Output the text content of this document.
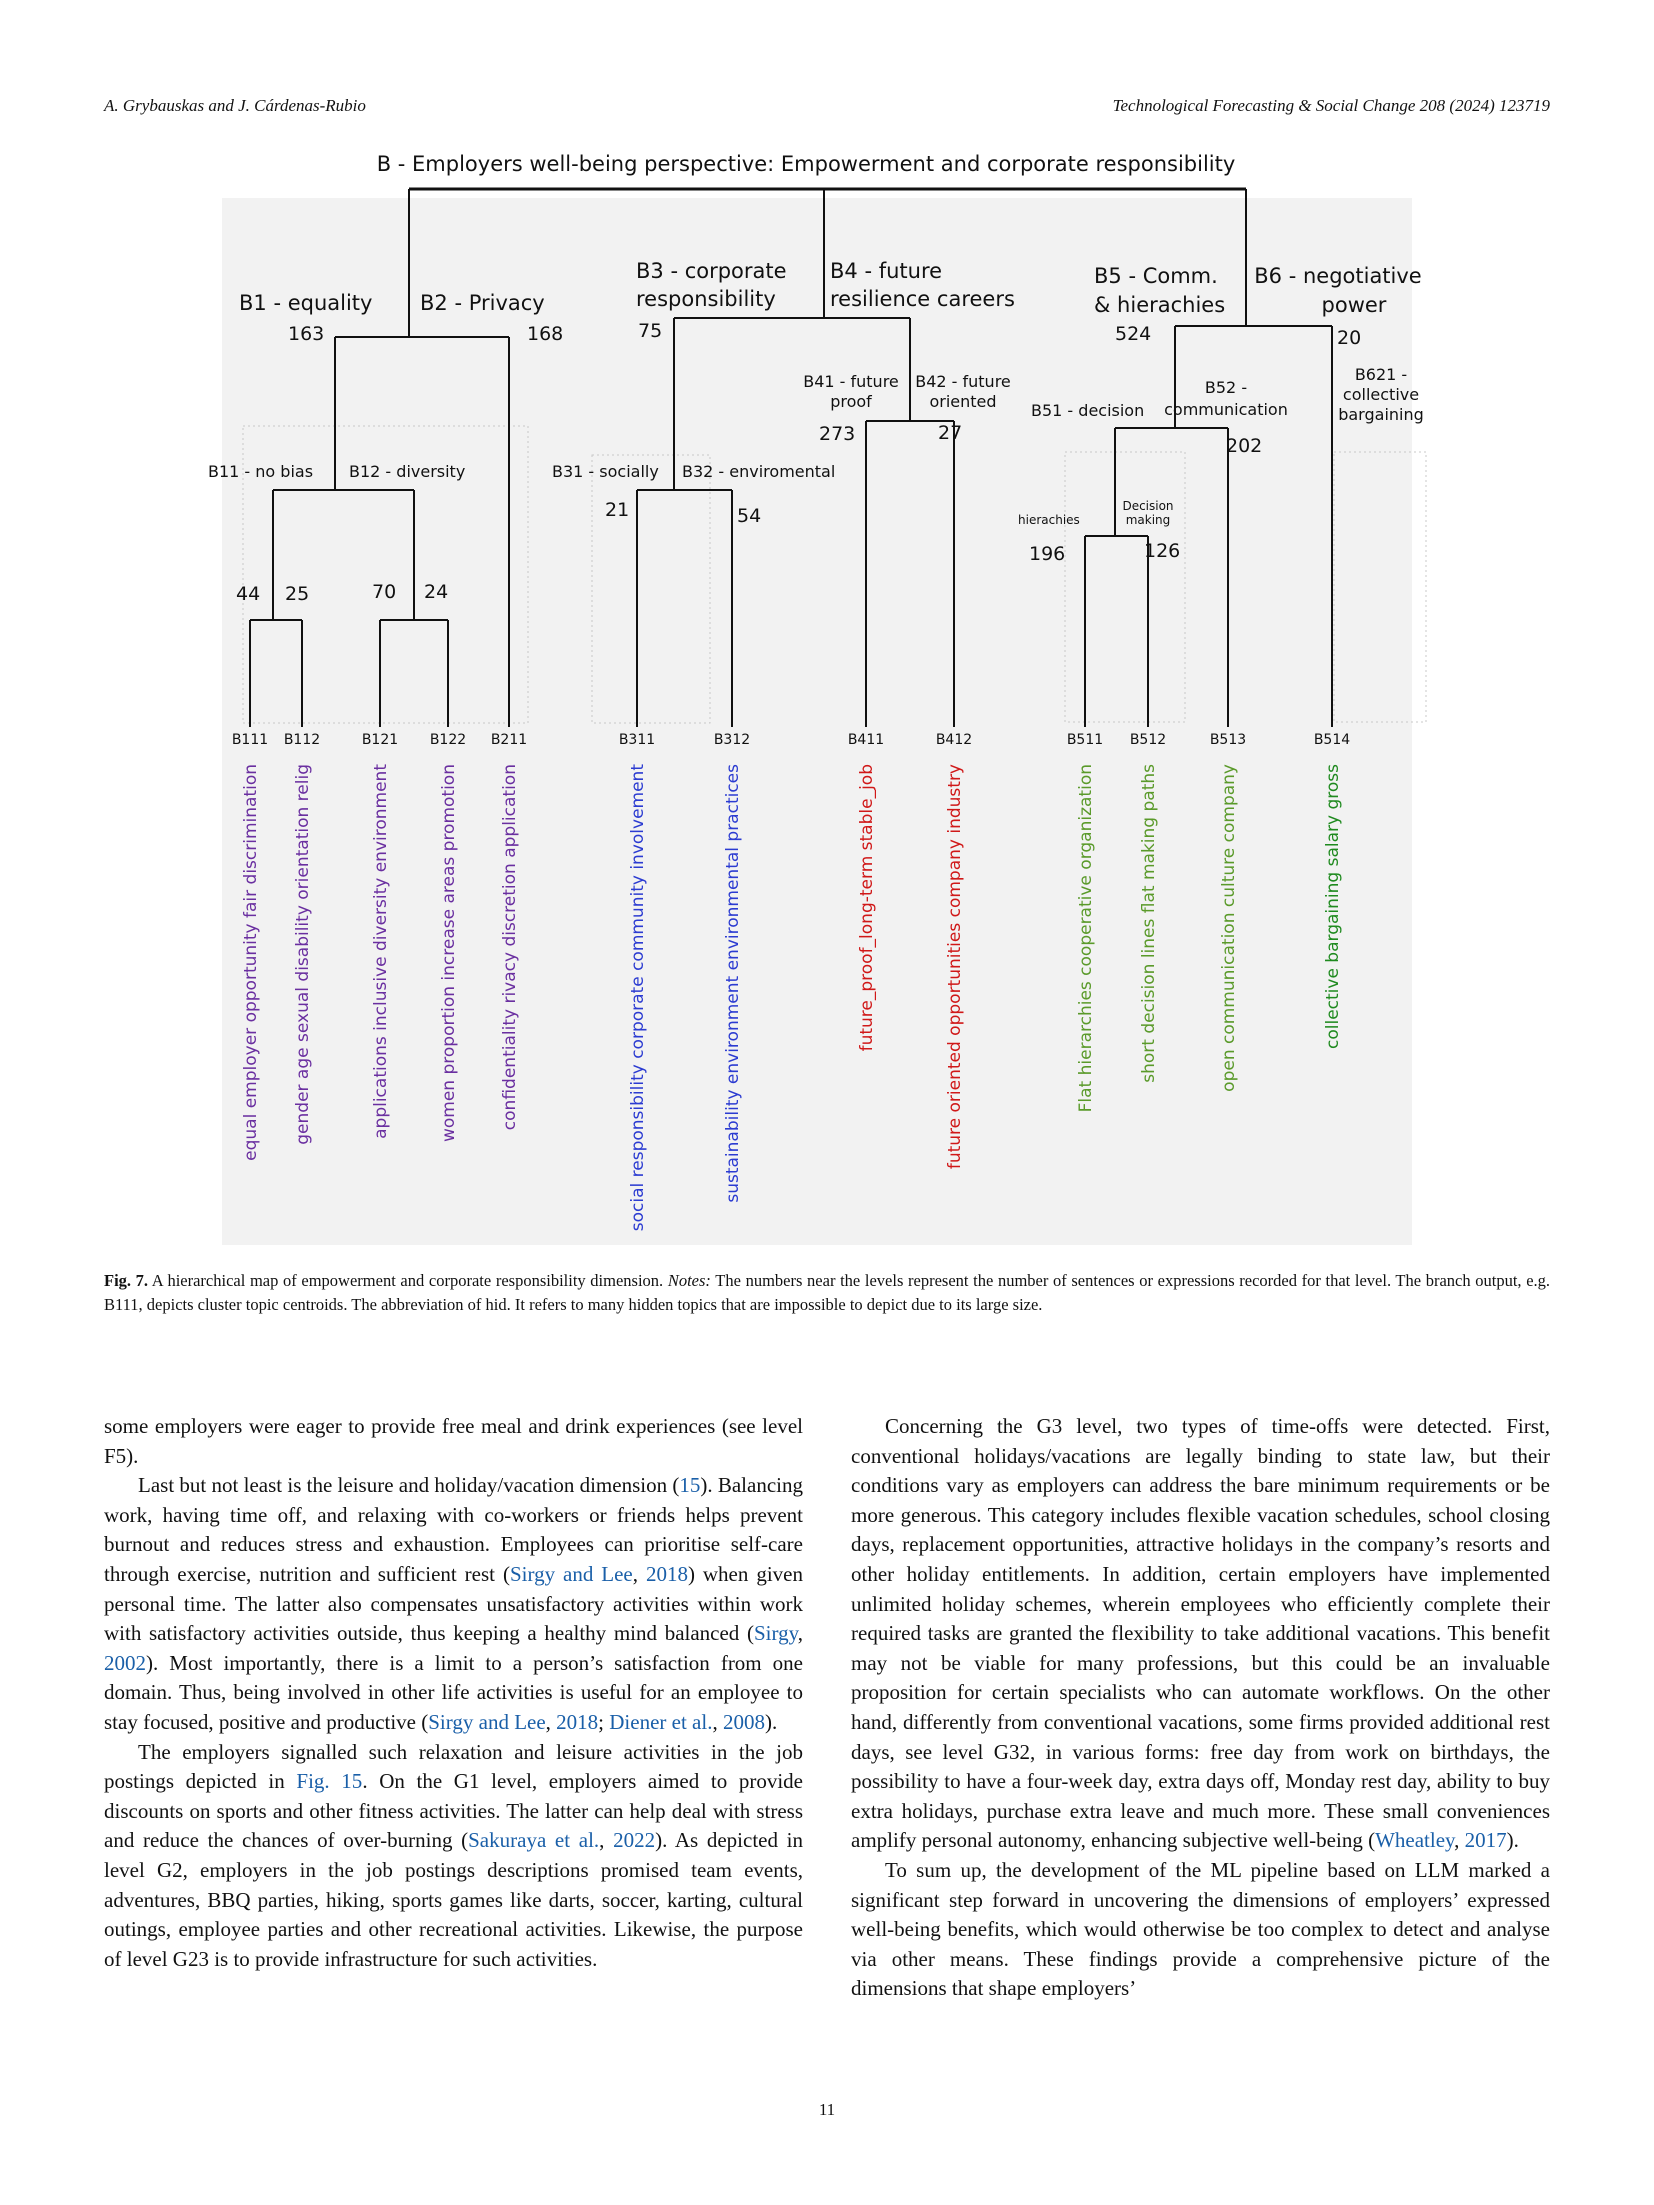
A. Grybauskas and J. Cárdenas-Rubio	Technological Forecasting & Social Change 208 (2024) 123719
B - Employers well-being perspective: Empowerment and corporate responsibility
B1 - equality B2 - Privacy
B3 - corporate
responsibility
B4 - future
resilience careers
B5 - Comm.
& hierachies
B6 - negotiative
power
163	168	75	524	20
B11 - no bias B12 - diversity	B31 - socially B32 - enviromental
B41 - future
proof
B42 - future
oriented B51 - decision
B52 -
communication
B621 -
collective
bargaining
44 25	70 24
21	54
273	27
202
196	126
hierachies
Decision
making
B111 B112	B121 B122 B211	B311	B312	B411	B412	B511 B512	B513	B514
equal employer opportunity fair discrimination gender age sexual disability orientation relig	applications inclusive diversity environment	women proportion increase areas promotion confidentiality rivacy discretion application	social responsibility corporate community involvement	sustainability environment environmental practices	future_proof_long-term stable_job	future oriented opportunities company industry	Flat hierarchies cooperative organization	short decision lines flat making paths	open communication culture company	collective bargaining salary gross
Fig. 7. A hierarchical map of empowerment and corporate responsibility dimension. Notes: The numbers near the levels represent the number of sentences or expressions recorded for that level. The branch output, e.g. B111, depicts cluster topic centroids. The abbreviation of hid. It refers to many hidden topics that are impossible to depict due to its large size.

some employers were eager to provide free meal and drink experiences (see level F5).

Last but not least is the leisure and holiday/vacation dimension (15). Balancing work, having time off, and relaxing with co-workers or friends helps prevent burnout and reduces stress and exhaustion. Employees can prioritise self-care through exercise, nutrition and sufficient rest (Sirgy and Lee, 2018) when given personal time. The latter also compensates unsatisfactory activities within work with satisfactory activities outside, thus keeping a healthy mind balanced (Sirgy, 2002). Most importantly, there is a limit to a person’s satisfaction from one domain. Thus, being involved in other life activities is useful for an employee to stay focused, positive and productive (Sirgy and Lee, 2018; Diener et al., 2008).

The employers signalled such relaxation and leisure activities in the job postings depicted in Fig. 15. On the G1 level, employers aimed to provide discounts on sports and other fitness activities. The latter can help deal with stress and reduce the chances of over-burning (Sakuraya et al., 2022). As depicted in level G2, employers in the job postings descriptions promised team events, adventures, BBQ parties, hiking, sports games like darts, soccer, karting, cultural outings, employee parties and other recreational activities. Likewise, the purpose of level G23 is to provide infrastructure for such activities.

Concerning the G3 level, two types of time-offs were detected. First, conventional holidays/vacations are legally binding to state law, but their conditions vary as employers can address the bare minimum requirements or be more generous. This category includes flexible vacation schedules, school closing days, replacement opportunities, attractive holidays in the company’s resorts and other holiday entitlements. In addition, certain employers have implemented unlimited holiday schemes, wherein employees who efficiently complete their required tasks are granted the flexibility to take additional vacations. This benefit may not be viable for many professions, but this could be an invaluable proposition for certain specialists who can automate workflows. On the other hand, differently from conventional vacations, some firms provided additional rest days, see level G32, in various forms: free day from work on birthdays, the possibility to have a four-week day, extra days off, Monday rest day, ability to buy extra holidays, purchase extra leave and much more. These small conveniences amplify personal autonomy, enhancing subjective well-being (Wheatley, 2017).

To sum up, the development of the ML pipeline based on LLM marked a significant step forward in uncovering the dimensions of employers’ expressed well-being benefits, which would otherwise be too complex to detect and analyse via other means. These findings provide a comprehensive picture of the dimensions that shape employers’

11
